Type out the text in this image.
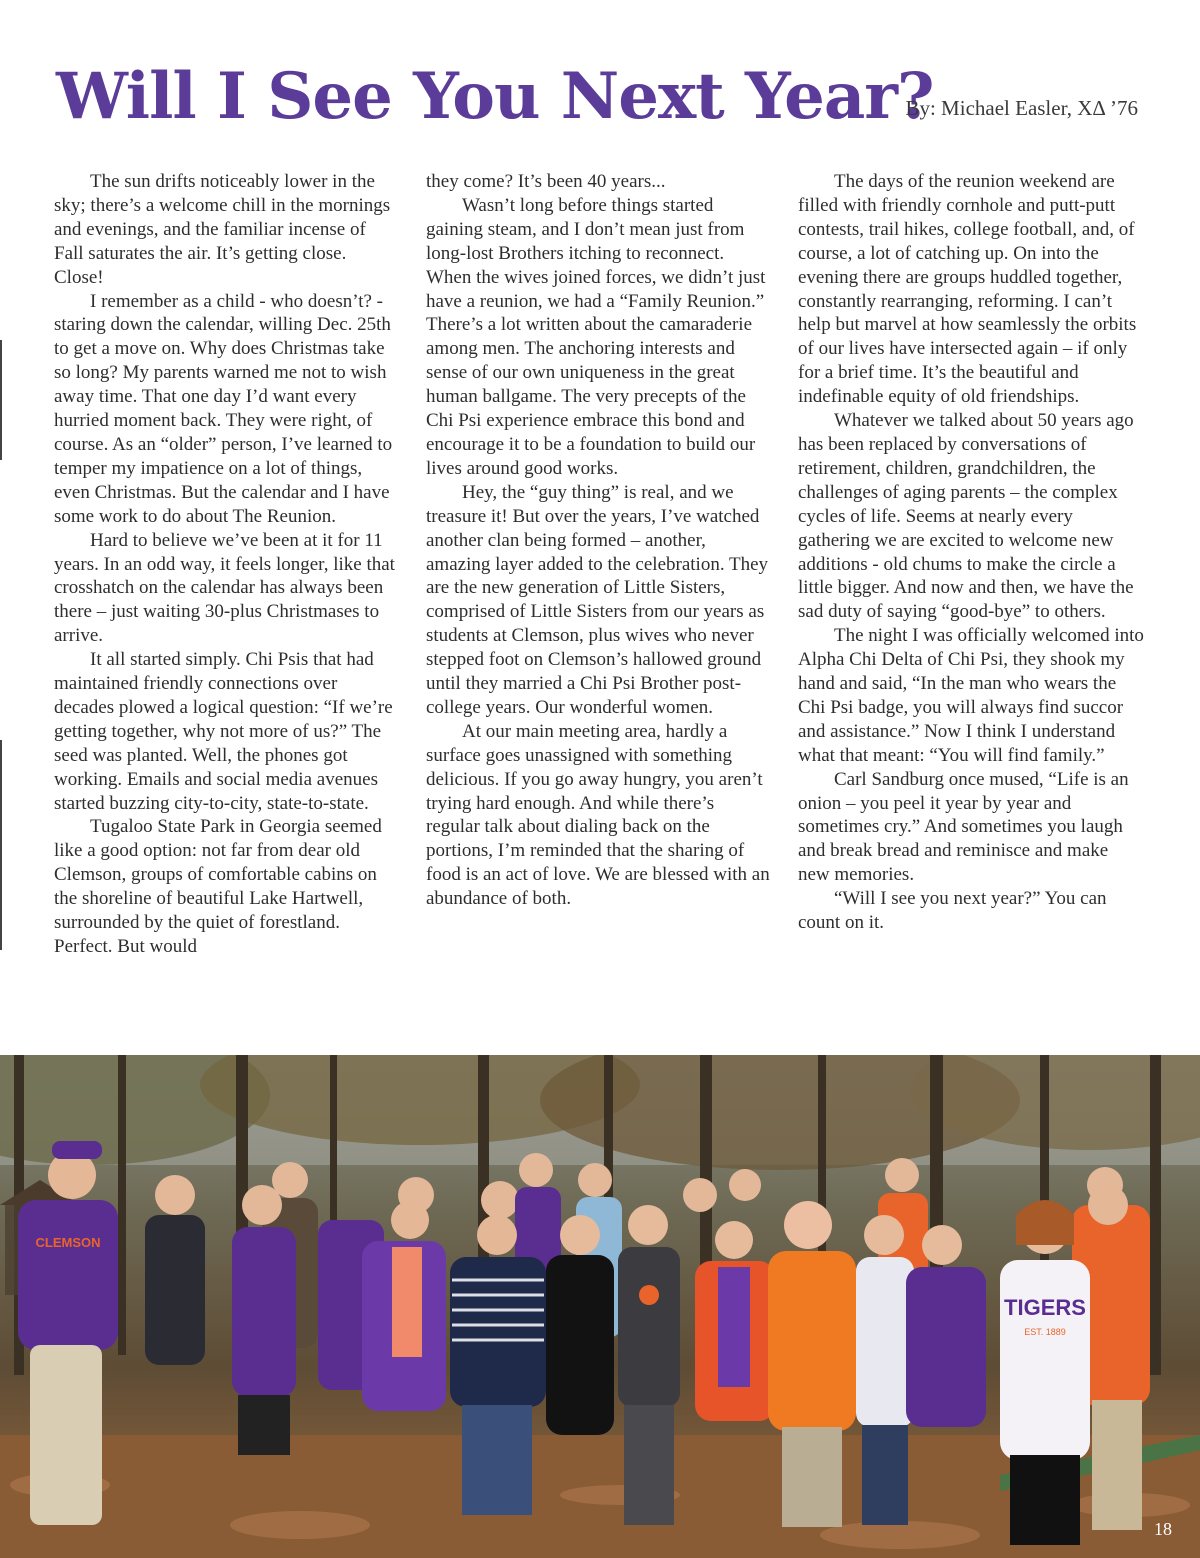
Will I See You Next Year?
By: Michael Easler, ΧΔ ’76

The sun drifts noticeably lower in the sky; there’s a welcome chill in the mornings and evenings, and the familiar incense of Fall saturates the air. It’s getting close. Close!

I remember as a child - who doesn’t? - staring down the calendar, willing Dec. 25th to get a move on. Why does Christmas take so long? My parents warned me not to wish away time. That one day I’d want every hurried moment back. They were right, of course. As an “older” person, I’ve learned to temper my impatience on a lot of things, even Christmas. But the calendar and I have some work to do about The Reunion.

Hard to believe we’ve been at it for 11 years. In an odd way, it feels longer, like that crosshatch on the calendar has always been there – just waiting 30-plus Christmases to arrive.

It all started simply. Chi Psis that had maintained friendly connections over decades plowed a logical question: “If we’re getting together, why not more of us?” The seed was planted. Well, the phones got working. Emails and social media avenues started buzzing city-to-city, state-to-state.

Tugaloo State Park in Georgia seemed like a good option: not far from dear old Clemson, groups of comfortable cabins on the shoreline of beautiful Lake Hartwell, surrounded by the quiet of forestland. Perfect. But would

they come? It’s been 40 years...

Wasn’t long before things started gaining steam, and I don’t mean just from long-lost Brothers itching to reconnect. When the wives joined forces, we didn’t just have a reunion, we had a “Family Reunion.” There’s a lot written about the camaraderie among men. The anchoring interests and sense of our own uniqueness in the great human ballgame. The very precepts of the Chi Psi experience embrace this bond and encourage it to be a foundation to build our lives around good works.

Hey, the “guy thing” is real, and we treasure it! But over the years, I’ve watched another clan being formed – another, amazing layer added to the celebration. They are the new generation of Little Sisters, comprised of Little Sisters from our years as students at Clemson, plus wives who never stepped foot on Clemson’s hallowed ground until they married a Chi Psi Brother post-college years. Our wonderful women.

At our main meeting area, hardly a surface goes unassigned with something delicious. If you go away hungry, you aren’t trying hard enough. And while there’s regular talk about dialing back on the portions, I’m reminded that the sharing of food is an act of love. We are blessed with an abundance of both.

The days of the reunion weekend are filled with friendly cornhole and putt-putt contests, trail hikes, college football, and, of course, a lot of catching up. On into the evening there are groups huddled together, constantly rearranging, reforming. I can’t help but marvel at how seamlessly the orbits of our lives have intersected again – if only for a brief time. It’s the beautiful and indefinable equity of old friendships.

Whatever we talked about 50 years ago has been replaced by conversations of retirement, children, grandchildren, the challenges of aging parents – the complex cycles of life. Seems at nearly every gathering we are excited to welcome new additions - old chums to make the circle a little bigger. And now and then, we have the sad duty of saying “good-bye” to others.

The night I was officially welcomed into Alpha Chi Delta of Chi Psi, they shook my hand and said, “In the man who wears the Chi Psi badge, you will always find succor and assistance.” Now I think I understand what that meant: “You will find family.”

Carl Sandburg once mused, “Life is an onion – you peel it year by year and sometimes cry.” And sometimes you laugh and break bread and reminisce and make new memories.

“Will I see you next year?” You can count on it.

CLEMSON
TIGERS
EST. 1889
18
